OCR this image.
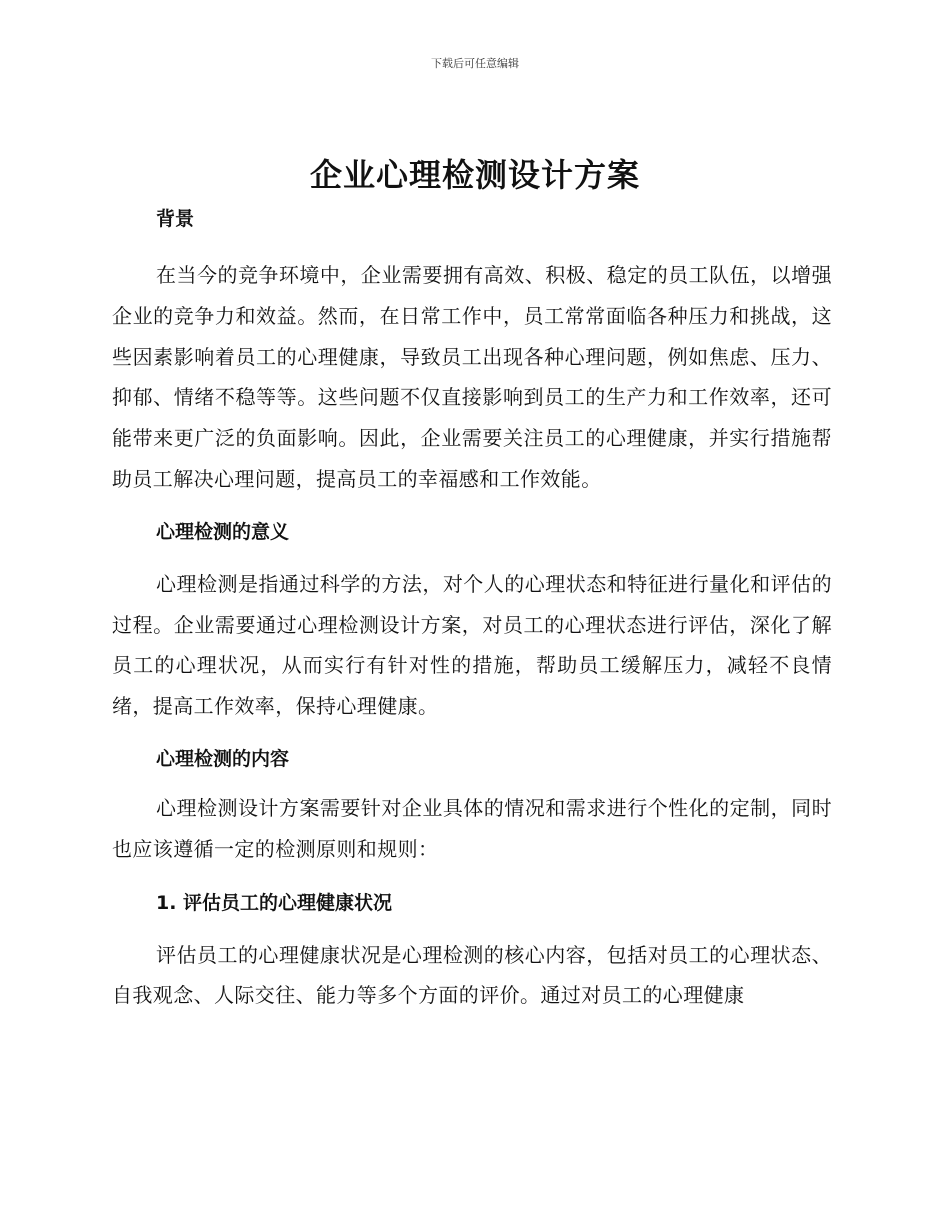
下载后可任意编辑
企业心理检测设计方案

背景

在当今的竞争环境中，企业需要拥有高效、积极、稳定的员工队伍，以增强企业的竞争力和效益。然而，在日常工作中，员工常常面临各种压力和挑战，这些因素影响着员工的心理健康，导致员工出现各种心理问题，例如焦虑、压力、抑郁、情绪不稳等等。这些问题不仅直接影响到员工的生产力和工作效率，还可能带来更广泛的负面影响。因此，企业需要关注员工的心理健康，并实行措施帮助员工解决心理问题，提高员工的幸福感和工作效能。

心理检测的意义

心理检测是指通过科学的方法，对个人的心理状态和特征进行量化和评估的过程。企业需要通过心理检测设计方案，对员工的心理状态进行评估，深化了解员工的心理状况，从而实行有针对性的措施，帮助员工缓解压力，减轻不良情绪，提高工作效率，保持心理健康。

心理检测的内容

心理检测设计方案需要针对企业具体的情况和需求进行个性化的定制，同时也应该遵循一定的检测原则和规则：

1. 评估员工的心理健康状况

评估员工的心理健康状况是心理检测的核心内容，包括对员工的心理状态、自我观念、人际交往、能力等多个方面的评价。通过对员工的心理健康
